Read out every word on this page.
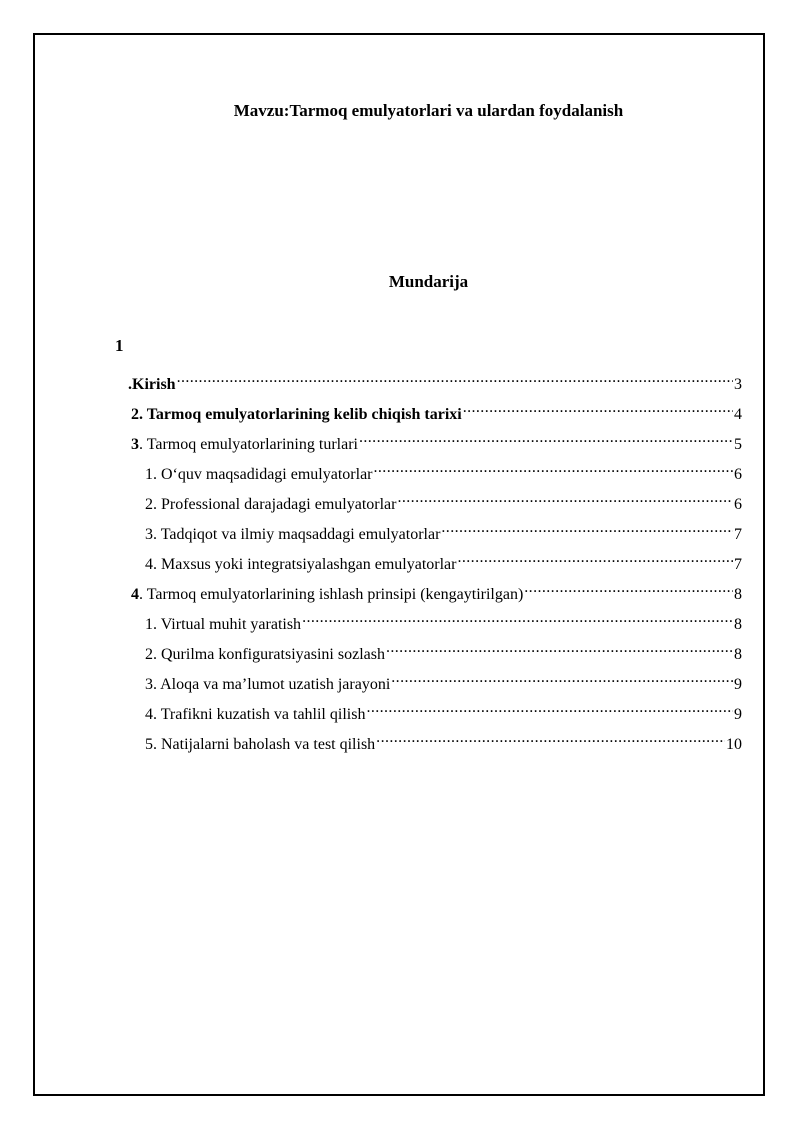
Mavzu:Tarmoq emulyatorlari va ulardan foydalanish
Mundarija
1
.Kirish .....	3
2. Tarmoq emulyatorlarining kelib chiqish tarixi .....	4
3 . Tarmoq emulyatorlarining turlari .....	5
1. O‘quv maqsadidagi emulyatorlar .....	6
2. Professional darajadagi emulyatorlar .....	6
3. Tadqiqot va ilmiy maqsaddagi emulyatorlar .....	7
4. Maxsus yoki integratsiyalashgan emulyatorlar .....	7
4 . Tarmoq emulyatorlarining ishlash prinsipi (kengaytirilgan) .....	8
1. Virtual muhit yaratish .....	8
2. Qurilma konfiguratsiyasini sozlash .....	8
3. Aloqa va ma’lumot uzatish jarayoni .....	9
4. Trafikni kuzatish va tahlil qilish .....	9
5. Natijalarni baholash va test qilish .....	10
